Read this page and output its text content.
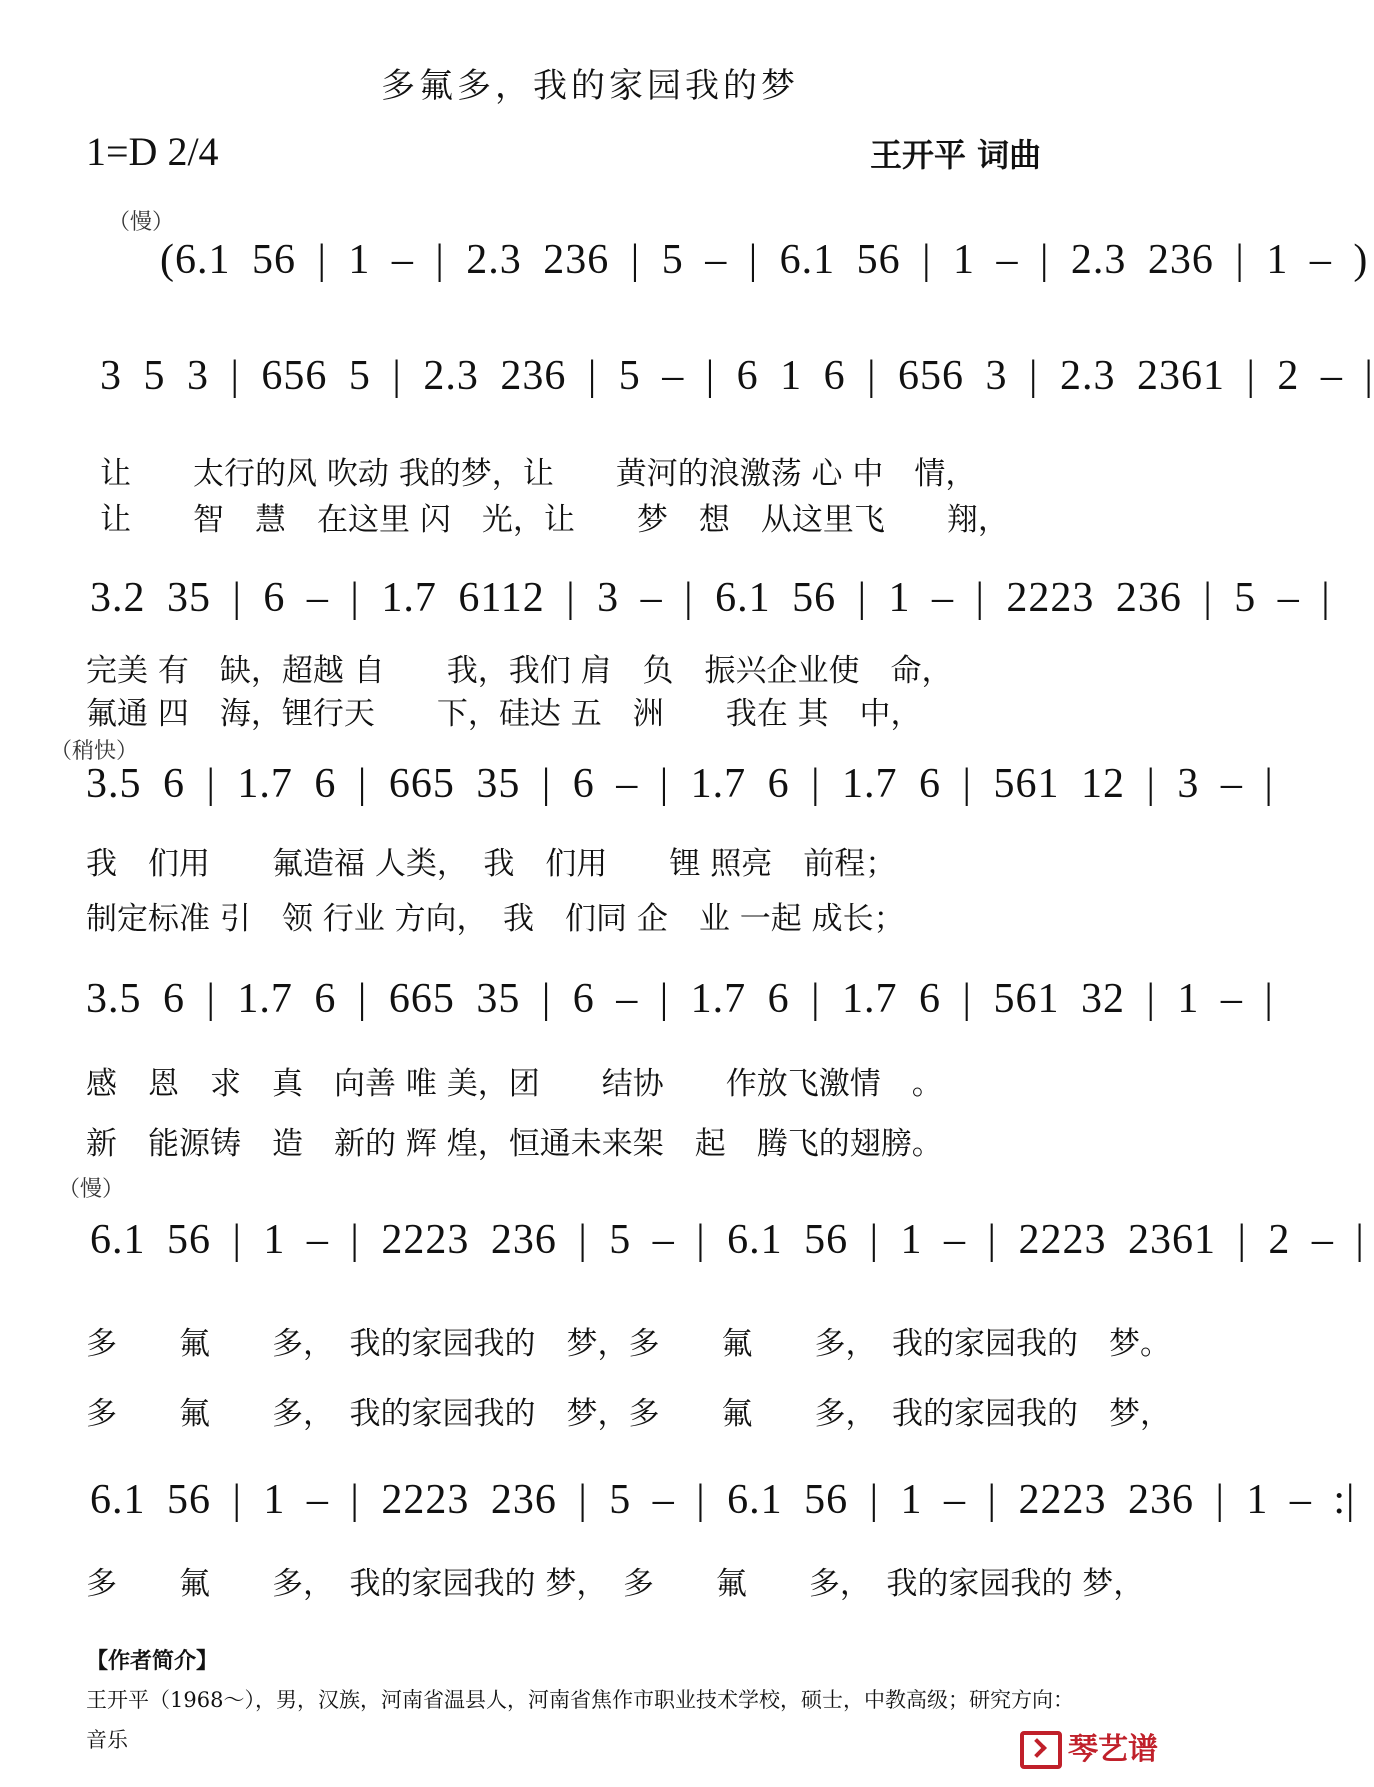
多氟多，我的家园我的梦
1=D 2/4	王开平 词曲
（慢）
(6.1 56 | 1 – | 2.3 236 | 5 – | 6.1 56 | 1 – | 2.3 236 | 1 – )
3 5 3 | 656 5 | 2.3 236 | 5 – | 6 1 6 | 656 3 | 2.3 2361 | 2 – |
让　　太行的风 吹动 我的梦，让　　黄河的浪激荡 心 中　情，
让　　智　慧　在这里 闪　光，让　　梦　想　从这里飞　　翔，
3.2 35 | 6 – | 1.7 6112 | 3 – | 6.1 56 | 1 – | 2223 236 | 5 – |
完美 有　缺，超越 自　　我，我们 肩　负　振兴企业使　命，
氟通 四　海，锂行天　　下，硅达 五　洲　　我在 其　中，
（稍快）
3.5 6 | 1.7 6 | 665 35 | 6 – | 1.7 6 | 1.7 6 | 561 12 | 3 – |
我　们用　　氟造福 人类，　我　们用　　锂 照亮　前程；
制定标准 引　领 行业 方向，　我　们同 企　业 一起 成长；
3.5 6 | 1.7 6 | 665 35 | 6 – | 1.7 6 | 1.7 6 | 561 32 | 1 – |
感　恩　求　真　向善 唯 美，团　　结协　　作放飞激情　。
新　能源铸　造　新的 辉 煌，恒通未来架　起　腾飞的翅膀。
（慢）
6.1 56 | 1 – | 2223 236 | 5 – | 6.1 56 | 1 – | 2223 2361 | 2 – |
多　　氟　　多，　我的家园我的　梦，多　　氟　　多，　我的家园我的　梦。
多　　氟　　多，　我的家园我的　梦，多　　氟　　多，　我的家园我的　梦，
6.1 56 | 1 – | 2223 236 | 5 – | 6.1 56 | 1 – | 2223 236 | 1 – :|
多　　氟　　多，　我的家园我的 梦，　多　　氟　　多，　我的家园我的 梦，
【作者简介】
王开平（1968～），男，汉族，河南省温县人，河南省焦作市职业技术学校，硕士，中教高级；研究方向：音乐	琴艺谱
